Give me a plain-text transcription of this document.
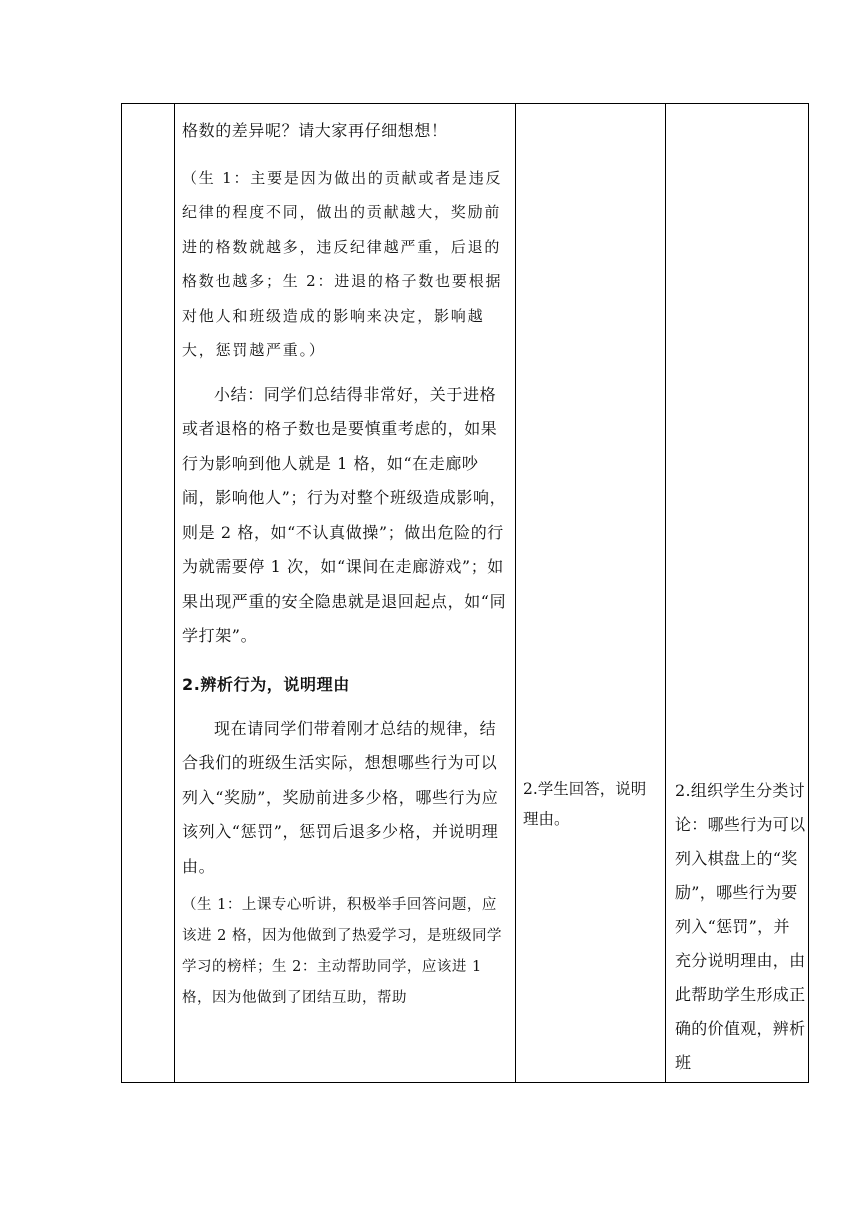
格数的差异呢？请大家再仔细想想！

（生 1：主要是因为做出的贡献或者是违反纪律的程度不同，做出的贡献越大，奖励前进的格数就越多，违反纪律越严重，后退的格数也越多；生 2：进退的格子数也要根据对他人和班级造成的影响来决定，影响越大，惩罚越严重。）

小结：同学们总结得非常好，关于进格或者退格的格子数也是要慎重考虑的，如果行为影响到他人就是 1 格，如“在走廊吵闹，影响他人”；行为对整个班级造成影响，则是 2 格，如“不认真做操”；做出危险的行为就需要停 1 次，如“课间在走廊游戏”；如果出现严重的安全隐患就是退回起点，如“同学打架”。

2.辨析行为，说明理由

现在请同学们带着刚才总结的规律，结合我们的班级生活实际，想想哪些行为可以列入“奖励”，奖励前进多少格，哪些行为应该列入“惩罚”，惩罚后退多少格，并说明理由。

（生 1：上课专心听讲，积极举手回答问题，应该进 2 格，因为他做到了热爱学习，是班级同学学习的榜样；生 2：主动帮助同学，应该进 1 格，因为他做到了团结互助，帮助

2.学生回答，说明理由。
2.组织学生分类讨论：哪些行为可以列入棋盘上的“奖励”，哪些行为要列入“惩罚”，并充分说明理由，由此帮助学生形成正确的价值观，辨析班
